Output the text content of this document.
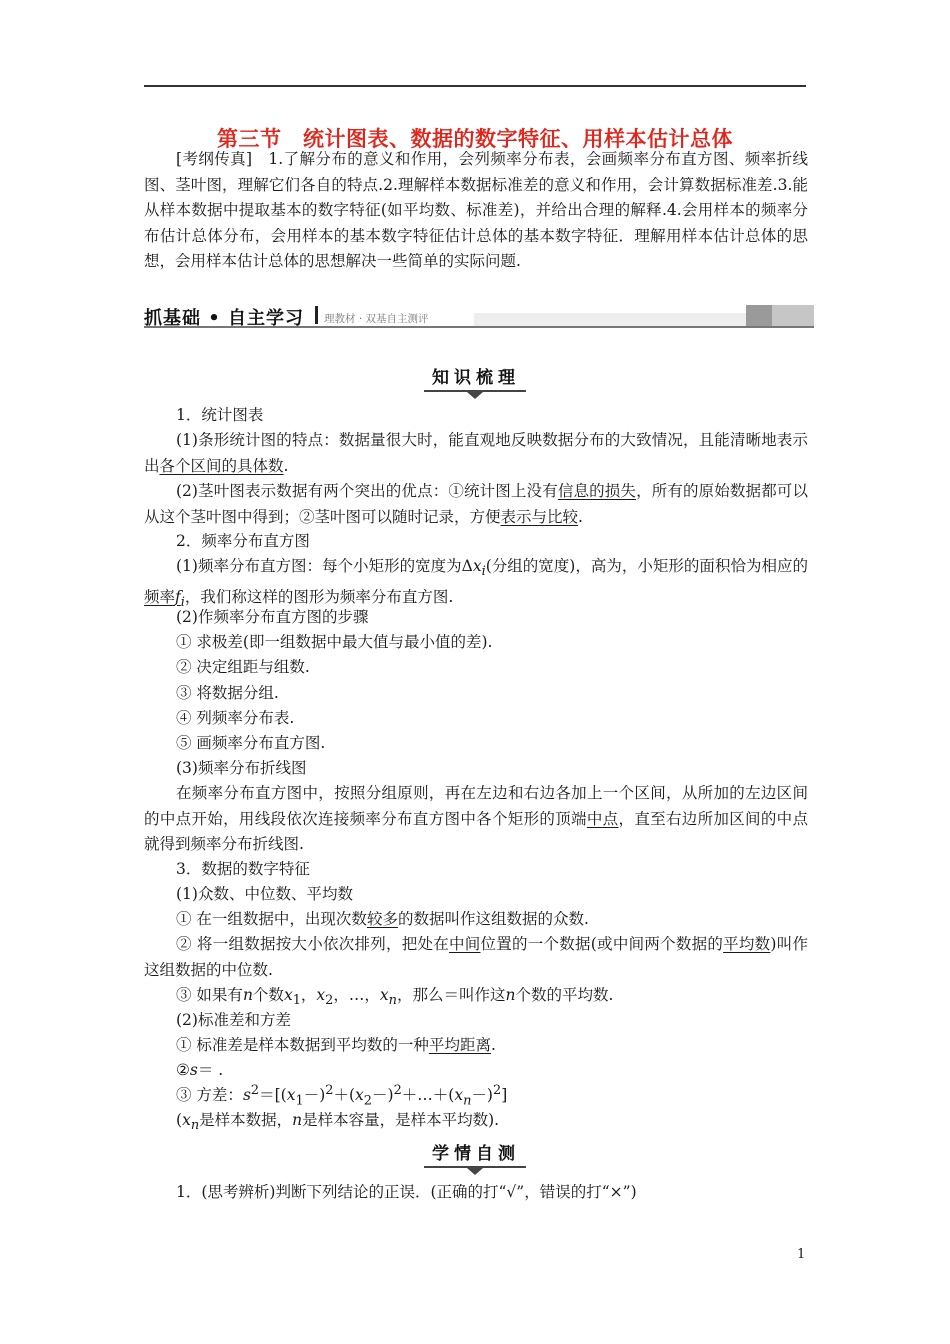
第三节　统计图表、数据的数字特征、用样本估计总体
[考纲传真]　1.了解分布的意义和作用，会列频率分布表，会画频率分布直方图、频率折线图、茎叶图，理解它们各自的特点.2.理解样本数据标准差的意义和作用，会计算数据标准差.3.能从样本数据中提取基本的数字特征(如平均数、标准差)，并给出合理的解释.4.会用样本的频率分布估计总体分布，会用样本的基本数字特征估计总体的基本数字特征．理解用样本估计总体的思想，会用样本估计总体的思想解决一些简单的实际问题.
抓基础 • 自主学习 理教材 · 双基自主测评
知识梳理
1．统计图表
(1)条形统计图的特点：数据量很大时，能直观地反映数据分布的大致情况，且能清晰地表示出各个区间的具体数.
(2)茎叶图表示数据有两个突出的优点：①统计图上没有信息的损失，所有的原始数据都可以从这个茎叶图中得到；②茎叶图可以随时记录，方便表示与比较.
2．频率分布直方图
(1)频率分布直方图：每个小矩形的宽度为$\Delta x_i$(分组的宽度)，高为，小矩形的面积恰为相应的频率$f_i$，我们称这样的图形为频率分布直方图.
(2)作频率分布直方图的步骤
① 求极差(即一组数据中最大值与最小值的差).
② 决定组距与组数.
③ 将数据分组.
④ 列频率分布表.
⑤ 画频率分布直方图.
(3)频率分布折线图
在频率分布直方图中，按照分组原则，再在左边和右边各加上一个区间，从所加的左边区间的中点开始，用线段依次连接频率分布直方图中各个矩形的顶端中点，直至右边所加区间的中点就得到频率分布折线图.
3．数据的数字特征
(1)众数、中位数、平均数
① 在一组数据中，出现次数较多的数据叫作这组数据的众数.
② 将一组数据按大小依次排列，把处在中间位置的一个数据(或中间两个数据的平均数)叫作这组数据的中位数.
③ 如果有n个数$x_1$，$x_2$，…，$x_n$，那么＝叫作这n个数的平均数.
(2)标准差和方差
① 标准差是样本数据到平均数的一种平均距离.
②s＝ .
③ 方差：$s^2=[(x_1-)^2+(x_2-)^2+\dots+(x_n-)^2]$
($x_n$是样本数据，n是样本容量，是样本平均数).
学情自测
1．(思考辨析)判断下列结论的正误．(正确的打“√”，错误的打“×”)
1
